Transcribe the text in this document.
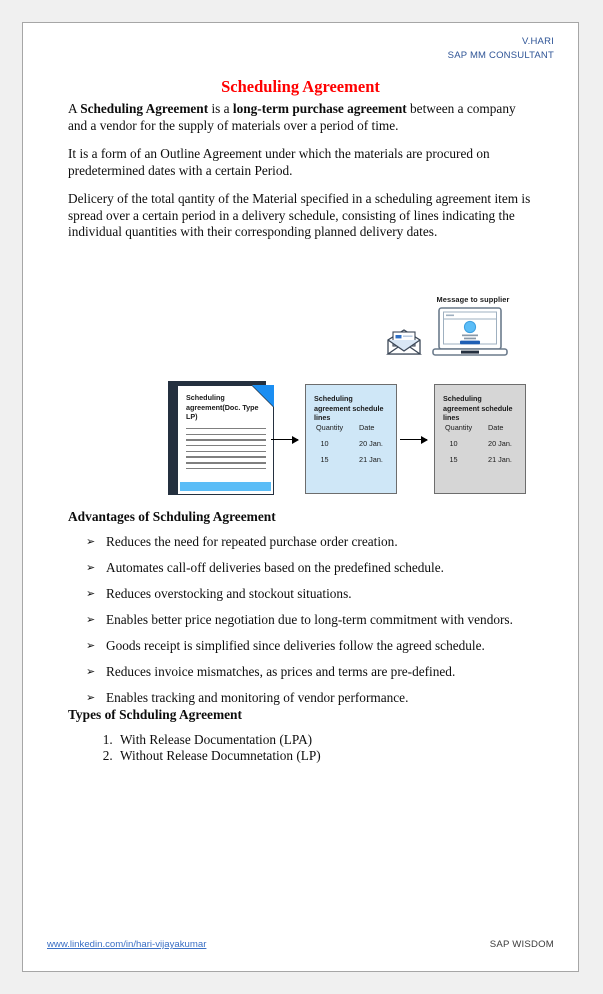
V.HARI
SAP MM CONSULTANT
Scheduling Agreement

A Scheduling Agreement is a long-term purchase agreement between a company and a vendor for the supply of materials over a period of time.

It is a form of an Outline Agreement under which the materials are procured on predetermined dates with a certain Period.

Delicery of the total qantity of the Material specified in a scheduling agreement item is spread over a certain period in a delivery schedule, consisting of lines indicating the individual quantities with their corresponding planned delivery dates.

Message to supplier
Scheduling agreement(Doc. Type LP)
Scheduling agreement schedule lines
Quantity	Date
10	20 Jan.
15	21 Jan.
Scheduling agreement schedule lines
Quantity	Date
10	20 Jan.
15	21 Jan.
Advantages of Schduling Agreement
➢ Reduces the need for repeated purchase order creation.
➢ Automates call-off deliveries based on the predefined schedule.
➢ Reduces overstocking and stockout situations.
➢ Enables better price negotiation due to long-term commitment with vendors.
➢ Goods receipt is simplified since deliveries follow the agreed schedule.
➢ Reduces invoice mismatches, as prices and terms are pre-defined.
➢ Enables tracking and monitoring of vendor performance.
Types of Schduling Agreement
1. With Release Documentation (LPA)
2. Without Release Documnetation (LP)
www.linkedin.com/in/hari-vijayakumar	SAP WISDOM
